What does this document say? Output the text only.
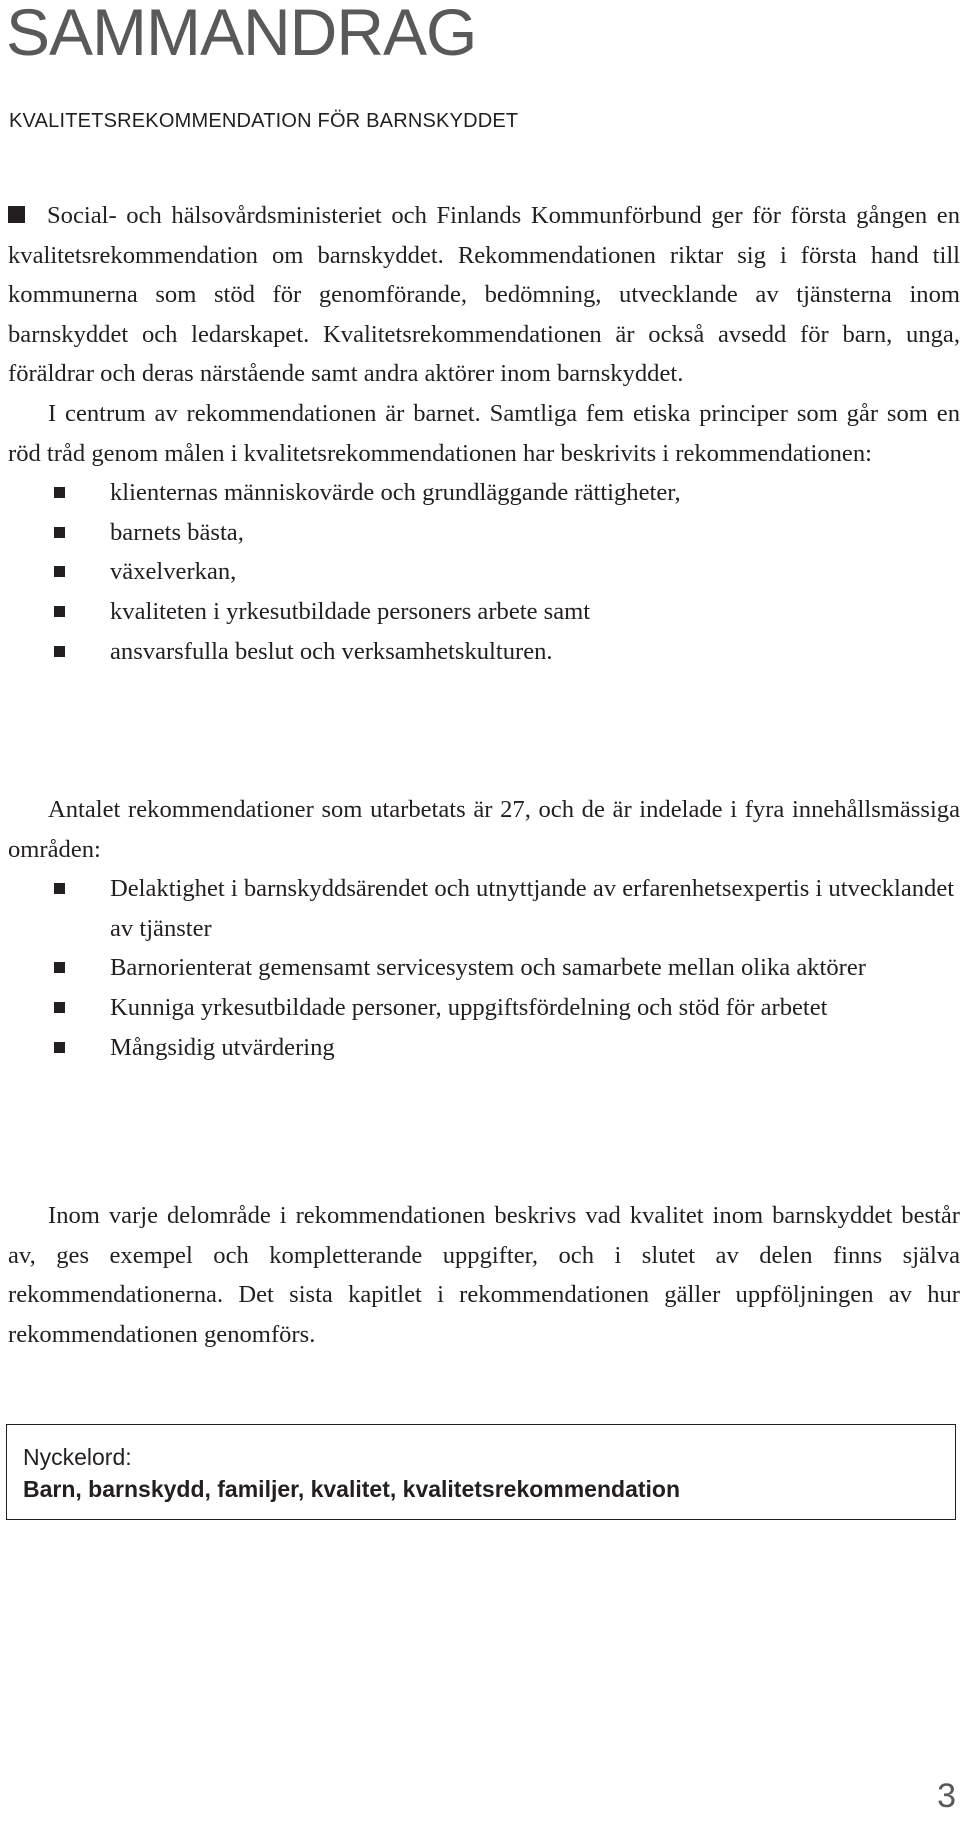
SAMMANDRAG
KVALITETSREKOMMENDATION FÖR BARNSKYDDET

Social- och hälsovårdsministeriet och Finlands Kommunförbund ger för första gången en kvalitetsrekommendation om barnskyddet. Rekommendationen riktar sig i första hand till kommunerna som stöd för genomförande, bedömning, utvecklande av tjänsterna inom barnskyddet och ledarskapet. Kvalitetsrekommendationen är också avsedd för barn, unga, föräldrar och deras närstående samt andra aktörer inom barnskyddet.

I centrum av rekommendationen är barnet. Samtliga fem etiska principer som går som en röd tråd genom målen i kvalitetsrekommendationen har beskrivits i rekommendationen:

klienternas människovärde och grundläggande rättigheter,
barnets bästa,
växelverkan,
kvaliteten i yrkesutbildade personers arbete samt
ansvarsfulla beslut och verksamhetskulturen.

Antalet rekommendationer som utarbetats är 27, och de är indelade i fyra innehållsmässiga områden:

Delaktighet i barnskyddsärendet och utnyttjande av erfarenhetsexpertis i utvecklandet av tjänster
Barnorienterat gemensamt servicesystem och samarbete mellan olika aktörer
Kunniga yrkesutbildade personer, uppgiftsfördelning och stöd för arbetet
Mångsidig utvärdering

Inom varje delområde i rekommendationen beskrivs vad kvalitet inom barnskyddet består av, ges exempel och kompletterande uppgifter, och i slutet av delen finns själva rekommendationerna. Det sista kapitlet i rekommendationen gäller uppföljningen av hur rekommendationen genomförs.

Nyckelord:
Barn, barnskydd, familjer, kvalitet, kvalitetsrekommendation
3
